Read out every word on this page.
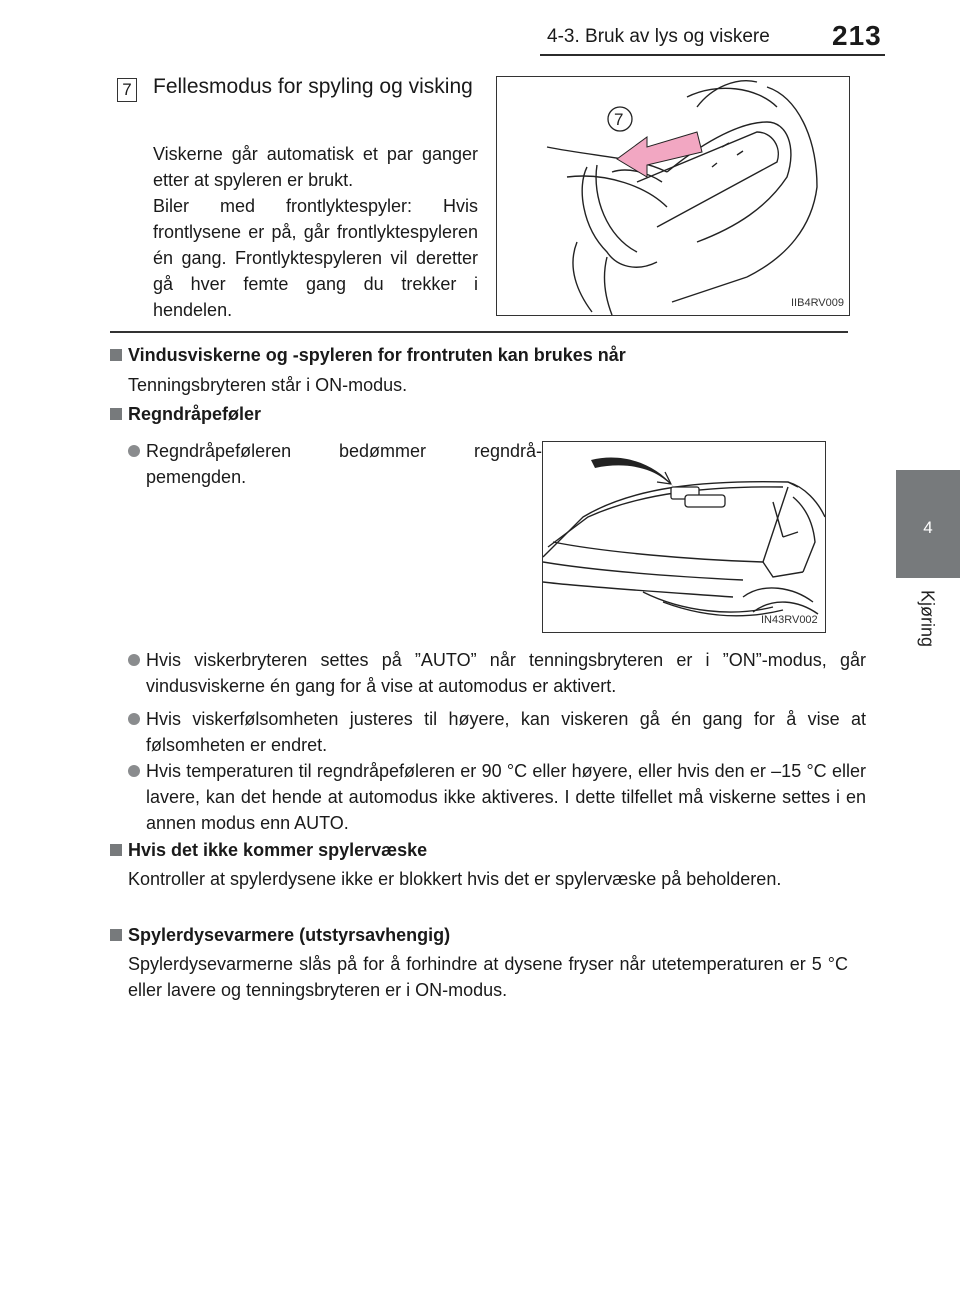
4-3. Bruk av lys og viskere 213
4
Kjøring
7 Fellesmodus for spyling og visking
Viskerne går automatisk et par ganger etter at spyleren er brukt.
Biler med frontlyktespyler: Hvis frontlysene er på, går frontlyktespyleren én gang. Frontlyktespyleren vil deretter gå hver femte gang du trekker i hendelen.
7
IIB4RV009
Vindusviskerne og -spyleren for frontruten kan brukes når
Tenningsbryteren står i ON-modus.
Regndråpeføler
Regndråpeføleren bedømmer regndråpemengden.
IN43RV002
Hvis viskerbryteren settes på ”AUTO” når tenningsbryteren er i ”ON”-modus, går vindusviskerne én gang for å vise at automodus er aktivert.
Hvis viskerfølsomheten justeres til høyere, kan viskeren gå én gang for å vise at følsomheten er endret.
Hvis temperaturen til regndråpeføleren er 90 °C eller høyere, eller hvis den er –15 °C eller lavere, kan det hende at automodus ikke aktiveres. I dette tilfellet må viskerne settes i en annen modus enn AUTO.
Hvis det ikke kommer spylervæske
Kontroller at spylerdysene ikke er blokkert hvis det er spylervæske på beholderen.
Spylerdysevarmere (utstyrsavhengig)
Spylerdysevarmerne slås på for å forhindre at dysene fryser når utetemperaturen er 5 °C eller lavere og tenningsbryteren er i ON-modus.
